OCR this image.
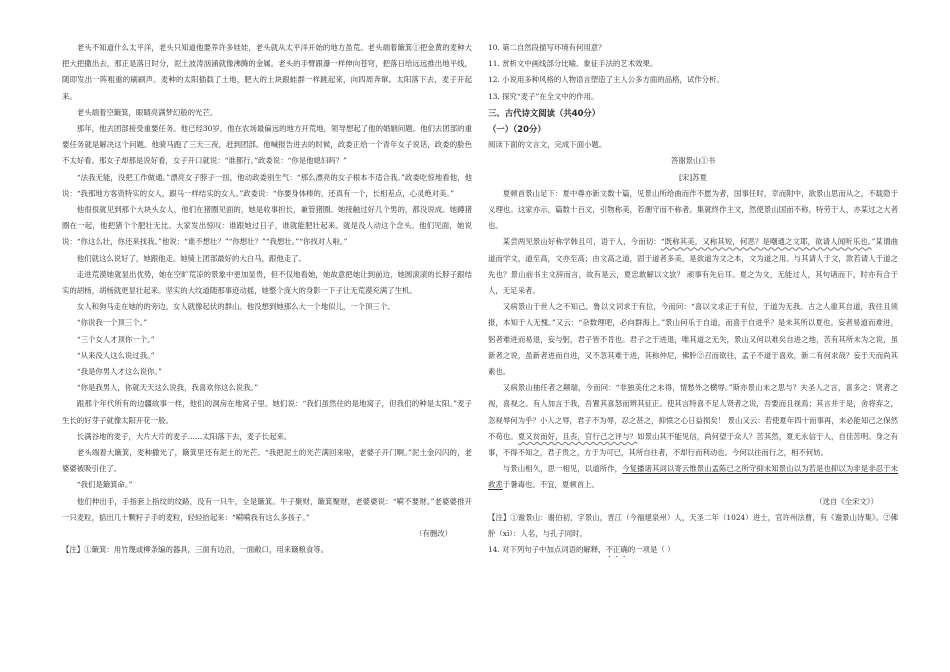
老头不知道什么太平洋，老头只知道他要养许多娃娃，老头就从太平洋开始的地方虽荒。老头端着簸箕①把金黄的麦种大把大把撒出去，那正是落日时分，泥土波涛汹涌就像沸腾的金属。老头的手臂跟瀑一样伸向苍穹，把落日给远远推出地平线，随即发出一阵粗重的刷刷声。麦种的太阳插载了土地，肥大的土块跟蛙群一样跳起来，向四周奔窜。太阳落下去，麦子开起来。

老头端着空簸箕，眼睛亮满梦幻般的光芒。

那年，他去团部接受重要任务。他已经30岁，他在农场最偏远的地方开荒地，领导想起了他的婚姻问题。他们去团部的重要任务就是解决这个问题。他骑马跑了三天三夜，赶到团部。他喊报告进去的时候，政委正给一个青年女子说话，政委的脸色不太好看。那女子却那是说好看，女子开口就说：“谁都行。”政委说：“你是他媳妇吗？”

“法我无能，没把工作做通。”漂亮女子脖子一扭，他动政委别生气：“那么漂亮的女子根本不适合我。”政委吃惊地看他，他说：“我那地方客资特实的女人，跟马一样结实的女人。”政委说：“你要身体棒的，还真有一个，长相差点，心灵绝对美。”

他很很就见到那个大块头女人，他们在猪圈见面的，她是收事担长，兼管猪圈。她接触过好几个男的，都没说成。她蹲猪圈在一起，他把猪个个肥壮无比。大家发出惊叹：谁跟她过日子，谁就能肥壮起来。就是没人动这个念头。他们见面，她说说：“你这么壮，你还来找我。”他说：“谁不想壮？”“你想壮？”“我想壮。”“你找对人啦。”

他们就这么说好了，她跟他走。她骑上团部最好的大白马，跟他走了。

走进荒漠她就显出优势，她在空旷荒凉的景象中更加显贵，但不仅地看她，她故意把她让到前边，她圆滚滚的长脖子跟结实的胡杨，胡杨就更显壮起来。坚实的大纹道随那事迹动摇，她整个庞大的身影一下子让无荒漠充满了生机。

女人和狗马走在她的的旁边。女人就像起伏的群山。他没想到她那么大一个地似儿，一个顶三个。

“你说我一个顶三个。”

“三个女人才顶你一个。”

“从来没人这么说过我。”

“我是你男人才这么说你。”

“你是我男人，你就天天这么说我，我喜欢你这么说我。”

跟那个年代所有的边疆故事一样，他们的洞房在地窝子里。她们说：“我们虽然住的是地窝子，但我们的种是太阳。”麦子生长的好芽子就像太阳开花一般。

长满谷地的麦子，大片大片的麦子……太阳落下去，麦子长起来。

老头端着大簸箕，麦种撒光了，簸箕里还有泥土的光芒。“我把泥土的光芒满回来啦，老婆子开门啊。”泥土金闪闪的，老婆婆被吸引住了。

“我们是簸箕命。”

他们伸出手，手指套上指纹的纹路，没有一只牛，全是簸箕。牛子聚财，簸箕聚财，老婆婆说：“嗬不要财。”老婆婆推开一只麦粒，掂出几十颗籽子手的麦粒，轻轻抬起来：“嗬嗬我有这么多孩子。”

（有删改）

【注】①簸箕：用竹篾或柳条编的器具，三面有边沿，一面敞口，用来簸粮食等。

10. 第二自然段描写环境有何用意？

11. 赏析文中画线部分比喻、象征手法的艺术效果。

12. 小说用多种风格的人物语言塑造了主人公多方面的品格，试作分析。

13. 探究“麦子”在全文中的作用。

三、古代诗文阅读（共40分）

（一）（20分）

阅读下面的文言文，完成下面小题。

答谢景山①书

[宋]苏夏

夏顿首景山足下：夏中尊亦新文数十篇，见景山所给曲而作不愿为者，国事任时，幸而附中，欲景山思而从之，不载隐于义理也。这家亦示，篇数十百文，引物称美，若潮守而不称者。集就终作主文，然使景山国而不称，特劳于人，亦某过之大者也。

某尝两见景山好称学韩且可，语于人，今而切：“既称其美，又称其短，何恶？是嘲通之文耶，欲请人闻听乐也。”某谓曲道而学文，道至高，文亦至高；由文高之道，固于道者多美，是欲道为文之本，文为道之用。与其请人于文，款若请人于道之先也？景山前书主文辞而言，故有是云，夏忠敢解以文欤？ 顽事有先后耳。夏之为文，无能过人，其句诸而下，时亦有合于人，无足采者。

又病景山于世人之不知己，鲁以文词求于有位，今而问：“喜以文求正于有位，于道为无我。古之人重其自道，我往且须报，本知于人无愧。”又云：“杂数理吧，必向群海上。”景山何乐于自道，而喜于自进乎？是未其所以夏也。妄者易道而难进，躬者难进而易退，妄与躬，君子皆不肯也。君子之于进退，唯其道之无失，景山又何以难矣自进之地，苦有其所未为之说，虽新者之说，虽新者进而自进，又不忽其难于进，其称仲尼，佛肸②召而欲往，孟子不道于喜欢，新二有何求哉？妄于天而尚其素也。

又病景山抽任者之颠瑞，今而问：“非独美仕之未得，情愁外之横辱。”斯亦景山未之思与？夫圣人之言，喜多之：贤者之视，喜视之。有人加言于我，吾置其喜怒而辨其征正。使其言特喜不足人贤者之说，吾要而且视焉；其言并于是，舍将弃之，忽视辱何为乎？小人之辱，君子不为辱，忍之甚之，抑愤之心日益损矣！ 景山又云：若使夏年四十而事再，未必能知己之保然不苟也。夏又贫而好，且丧，官行己之评与？如景山其不能见信，尚何望于众人？苦其然，夏无永信于人，自佳苦明。身之有事，不得不知之，君子贵之，方于为可已，其所自往者，不却行而利动也。今何以往而行之，相不何妨。

与景山相久，思一相见，以道所作，今复播诸其词以寄云惟景山孟陈已之所守抑未知景山以为若是也抑以为非是非忍于未救悲于暑毒也。不宜，夏顿首上。

（选自《全宋文》）

【注】①谢景山：谢伯初，字景山，晋江（今福建泉州）人，天圣二年（1024）进士，官许州法曹，有《谢景山诗集》。②佛肸（xī）：人名，与孔子同时。

14. 对下列句子中加点词语的解释，不正确的一项是（ ）
